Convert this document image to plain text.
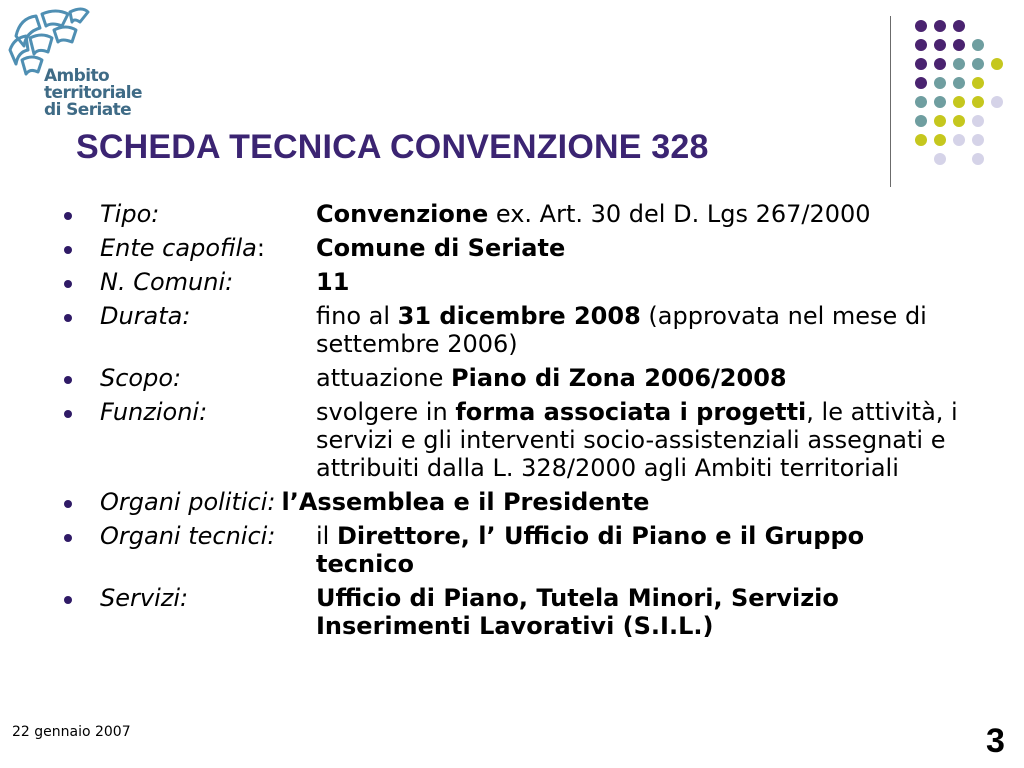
Ambito
territoriale
di Seriate
SCHEDA TECNICA CONVENZIONE 328
Tipo:	Convenzione ex. Art. 30 del D. Lgs 267/2000
Ente capofila:	Comune di Seriate
N. Comuni:	11
Durata:	fino al 31 dicembre 2008 (approvata nel mese di settembre 2006)
Scopo:	attuazione Piano di Zona 2006/2008
Funzioni:	svolgere in forma associata i progetti, le attività, i servizi e gli interventi socio-assistenziali assegnati e attribuiti dalla L. 328/2000 agli Ambiti territoriali
Organi politici: l’Assemblea e il Presidente
Organi tecnici:	il Direttore, l’ Ufficio di Piano e il Gruppo tecnico
Servizi:	Ufficio di Piano, Tutela Minori, Servizio Inserimenti Lavorativi (S.I.L.)
22 gennaio 2007	3
